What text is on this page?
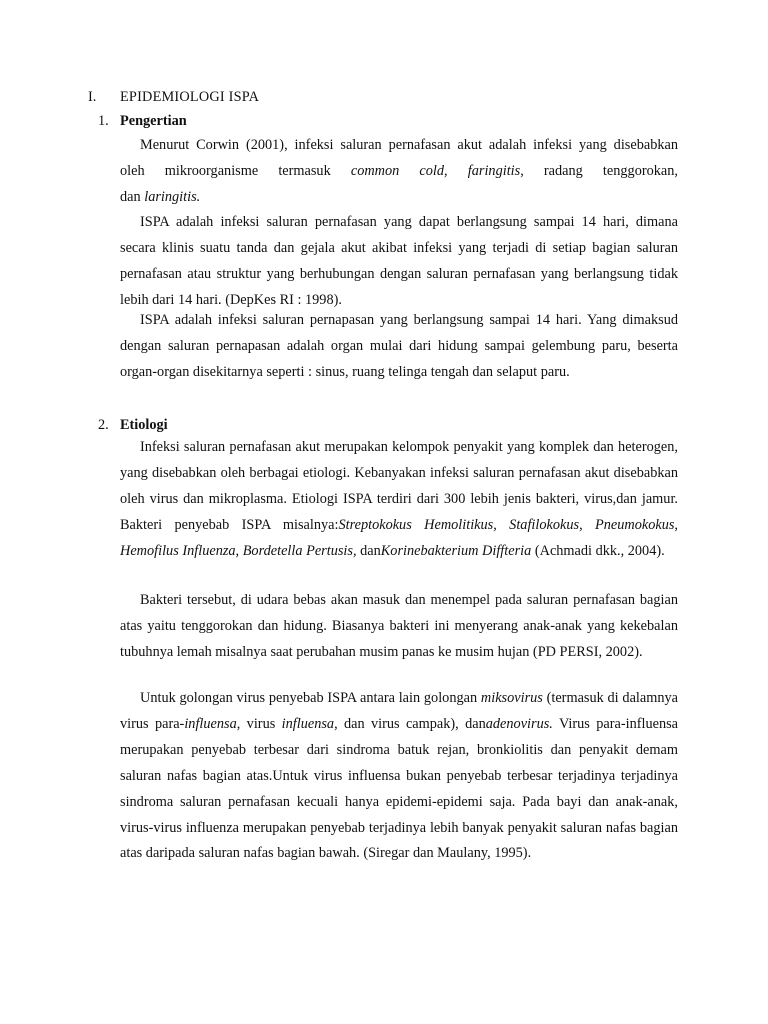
I. EPIDEMIOLOGI ISPA
1. Pengertian
Menurut Corwin (2001), infeksi saluran pernafasan akut adalah infeksi yang disebabkan
oleh mikroorganisme termasuk common cold, faringitis, radang tenggorokan,
dan laringitis.

ISPA adalah infeksi saluran pernafasan yang dapat berlangsung sampai 14 hari, dimana secara klinis suatu tanda dan gejala akut akibat infeksi yang terjadi di setiap bagian saluran pernafasan atau struktur yang berhubungan dengan saluran pernafasan yang berlangsung tidak lebih dari 14 hari. (DepKes RI : 1998).

ISPA adalah infeksi saluran pernapasan yang berlangsung sampai 14 hari. Yang dimaksud dengan saluran pernapasan adalah organ mulai dari hidung sampai gelembung paru, beserta organ-organ disekitarnya seperti : sinus, ruang telinga tengah dan selaput paru.

2. Etiologi

Infeksi saluran pernafasan akut merupakan kelompok penyakit yang komplek dan heterogen, yang disebabkan oleh berbagai etiologi. Kebanyakan infeksi saluran pernafasan akut disebabkan oleh virus dan mikroplasma. Etiologi ISPA terdiri dari 300 lebih jenis bakteri, virus,dan jamur. Bakteri penyebab ISPA misalnya:Streptokokus Hemolitikus, Stafilokokus, Pneumokokus, Hemofilus Influenza, Bordetella Pertusis, danKorinebakterium Diffteria (Achmadi dkk., 2004).

Bakteri tersebut, di udara bebas akan masuk dan menempel pada saluran pernafasan bagian atas yaitu tenggorokan dan hidung. Biasanya bakteri ini menyerang anak-anak yang kekebalan tubuhnya lemah misalnya saat perubahan musim panas ke musim hujan (PD PERSI, 2002).

Untuk golongan virus penyebab ISPA antara lain golongan miksovirus (termasuk di dalamnya virus para-influensa, virus influensa, dan virus campak), danadenovirus. Virus para-influensa merupakan penyebab terbesar dari sindroma batuk rejan, bronkiolitis dan penyakit demam saluran nafas bagian atas.Untuk virus influensa bukan penyebab terbesar terjadinya terjadinya sindroma saluran pernafasan kecuali hanya epidemi-epidemi saja. Pada bayi dan anak-anak, virus-virus influenza merupakan penyebab terjadinya lebih banyak penyakit saluran nafas bagian atas daripada saluran nafas bagian bawah. (Siregar dan Maulany, 1995).
